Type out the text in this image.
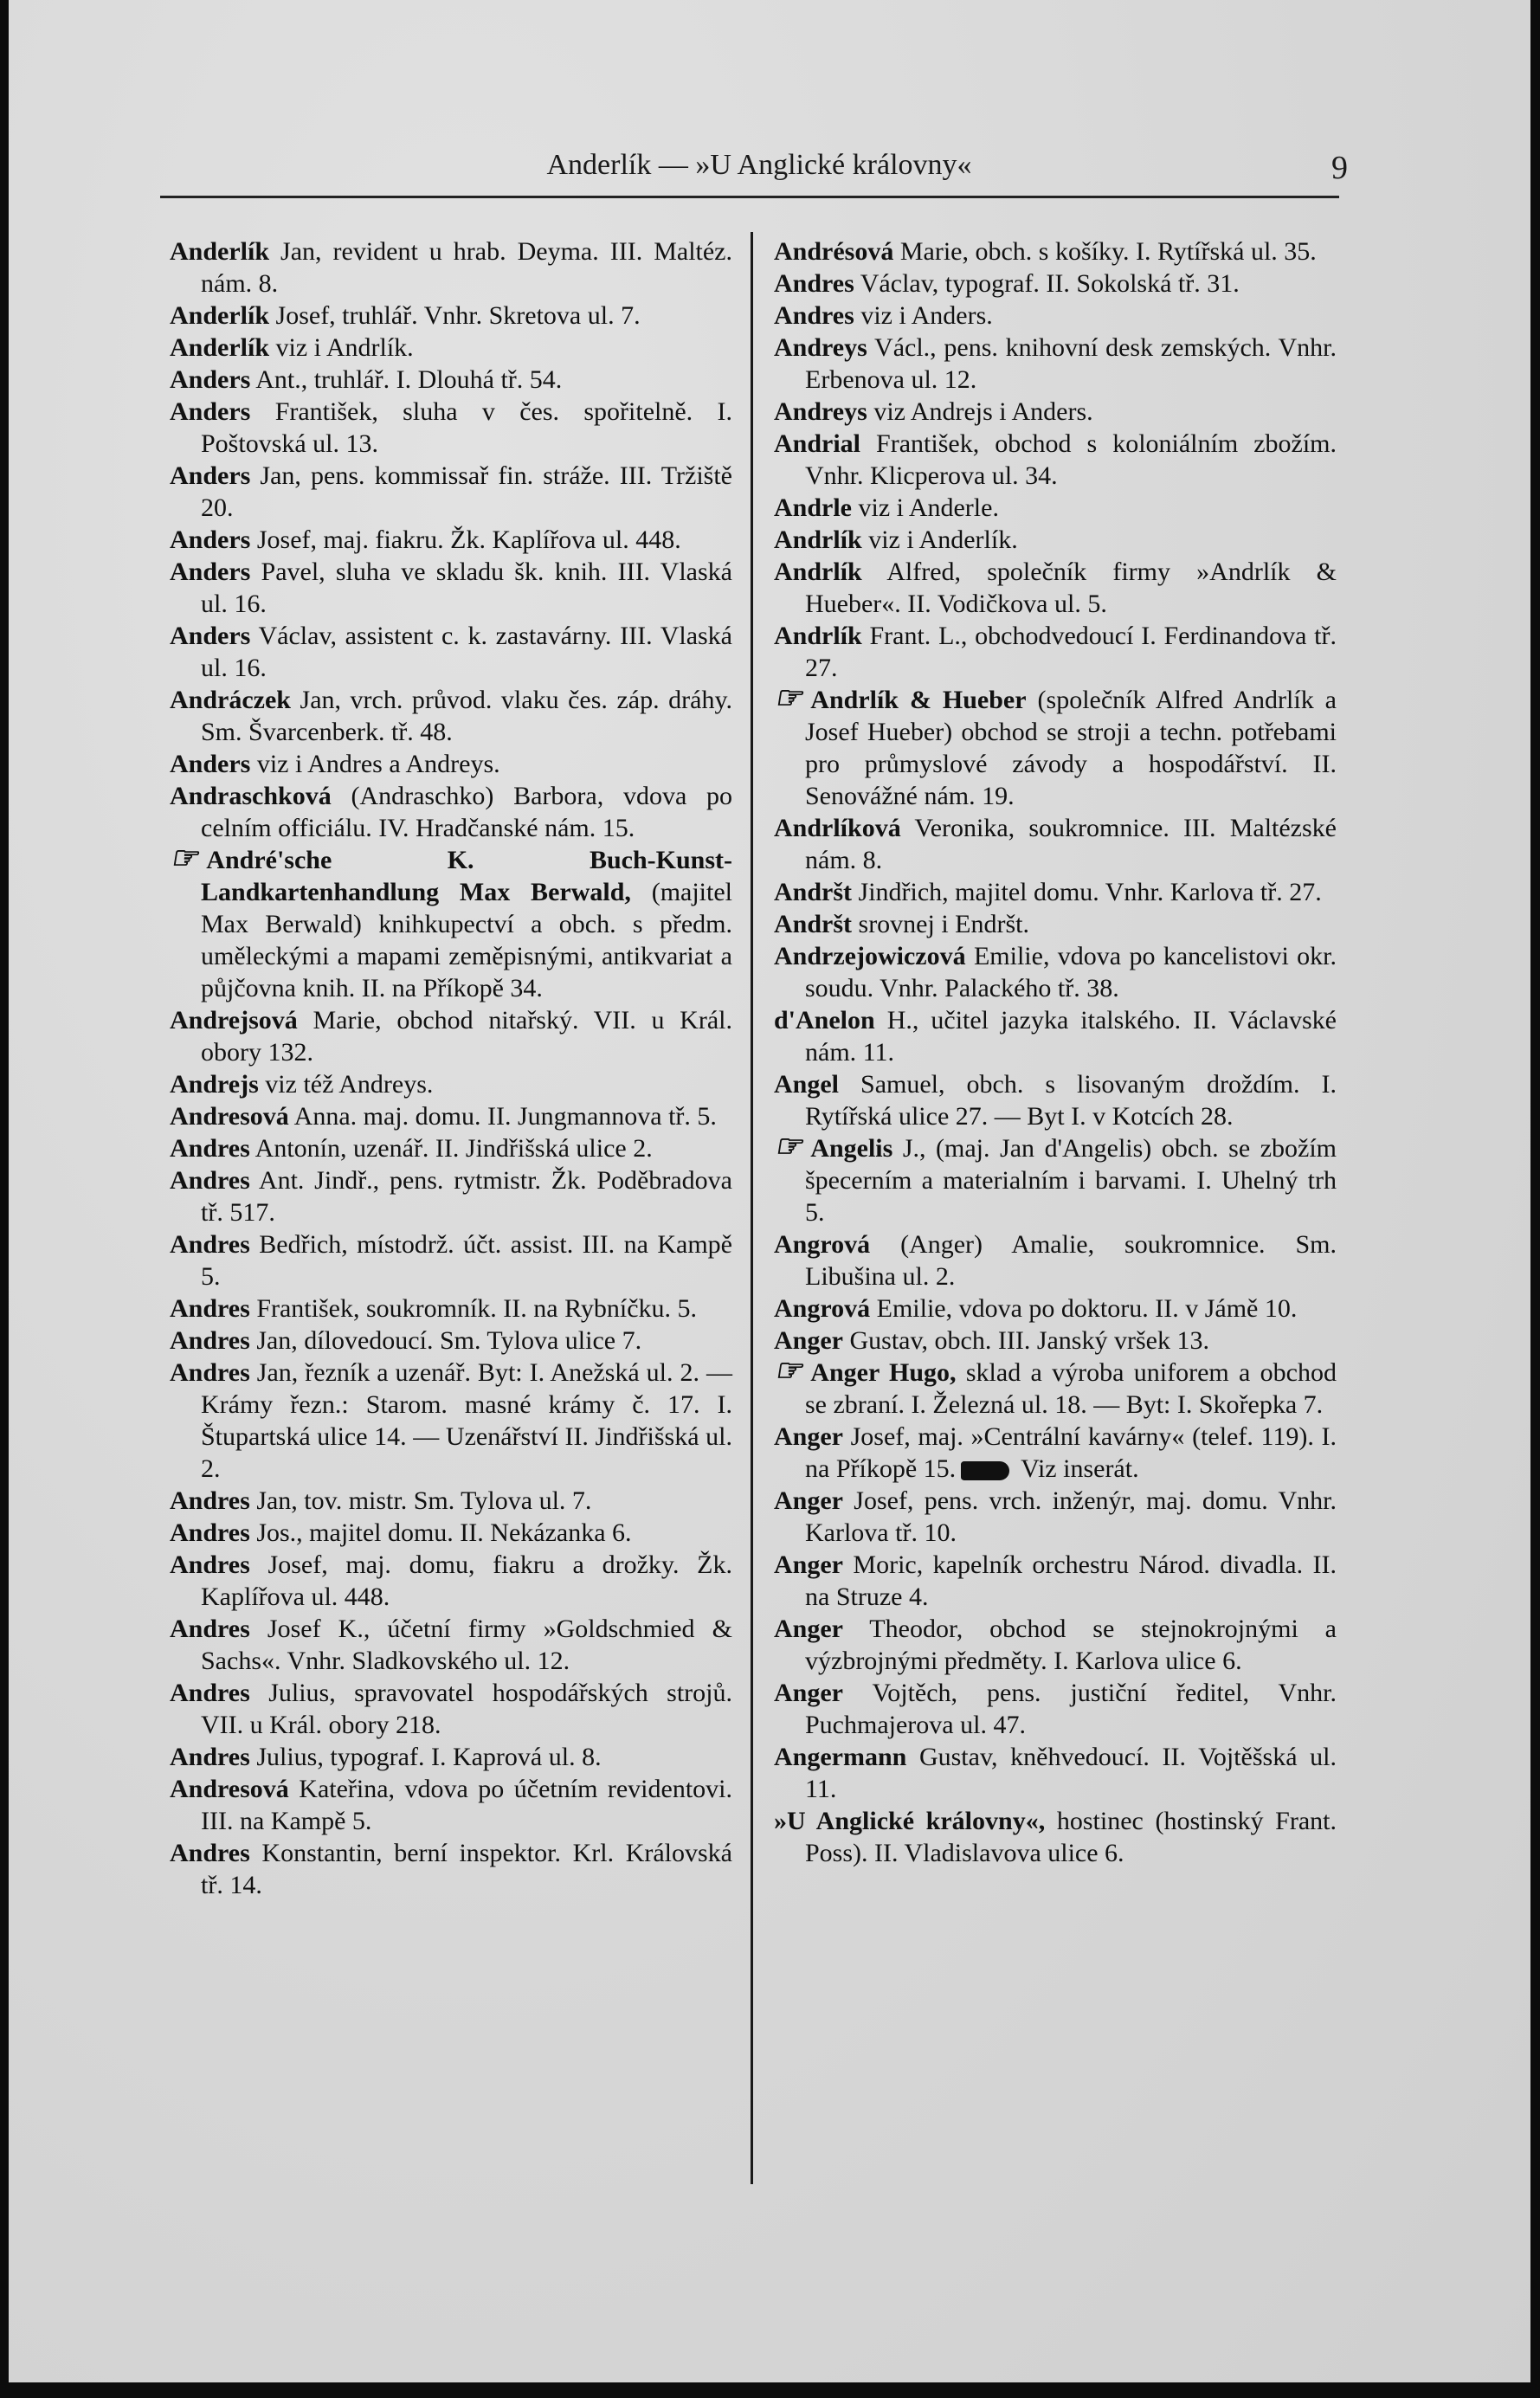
Anderlík — »U Anglické královny«	9
Anderlík Jan, revident u hrab. Deyma. III. Maltéz. nám. 8.
Anderlík Josef, truhlář. Vnhr. Skretova ul. 7.
Anderlík viz i Andrlík.
Anders Ant., truhlář. I. Dlouhá tř. 54.
Anders František, sluha v čes. spořitelně. I. Poštovská ul. 13.
Anders Jan, pens. kommissař fin. stráže. III. Tržiště 20.
Anders Josef, maj. fiakru. Žk. Kaplířova ul. 448.
Anders Pavel, sluha ve skladu šk. knih. III. Vlaská ul. 16.
Anders Václav, assistent c. k. zastavárny. III. Vlaská ul. 16.
Andráczek Jan, vrch. průvod. vlaku čes. záp. dráhy. Sm. Švarcenberk. tř. 48.
Anders viz i Andres a Andreys.
Andraschková (Andraschko) Barbora, vdova po celním officiálu. IV. Hradčanské nám. 15.
☞ André'sche K. Buch-Kunst-Landkartenhandlung Max Berwald, (majitel Max Berwald) knihkupectví a obch. s předm. uměleckými a mapami zeměpisnými, antikvariat a půjčovna knih. II. na Příkopě 34.
Andrejsová Marie, obchod nitařský. VII. u Král. obory 132.
Andrejs viz též Andreys.
Andresová Anna. maj. domu. II. Jungmannova tř. 5.
Andres Antonín, uzenář. II. Jindřišská ulice 2.
Andres Ant. Jindř., pens. rytmistr. Žk. Poděbradova tř. 517.
Andres Bedřich, místodrž. účt. assist. III. na Kampě 5.
Andres František, soukromník. II. na Rybníčku. 5.
Andres Jan, dílovedoucí. Sm. Tylova ulice 7.
Andres Jan, řezník a uzenář. Byt: I. Anežská ul. 2. — Krámy řezn.: Starom. masné krámy č. 17. I. Štupartská ulice 14. — Uzenářství II. Jindřišská ul. 2.
Andres Jan, tov. mistr. Sm. Tylova ul. 7.
Andres Jos., majitel domu. II. Nekázanka 6.
Andres Josef, maj. domu, fiakru a drožky. Žk. Kaplířova ul. 448.
Andres Josef K., účetní firmy »Goldschmied & Sachs«. Vnhr. Sladkovského ul. 12.
Andres Julius, spravovatel hospodářských strojů. VII. u Král. obory 218.
Andres Julius, typograf. I. Kaprová ul. 8.
Andresová Kateřina, vdova po účetním revidentovi. III. na Kampě 5.
Andres Konstantin, berní inspektor. Krl. Královská tř. 14.
Andrésová Marie, obch. s košíky. I. Rytířská ul. 35.
Andres Václav, typograf. II. Sokolská tř. 31.
Andres viz i Anders.
Andreys Václ., pens. knihovní desk zemských. Vnhr. Erbenova ul. 12.
Andreys viz Andrejs i Anders.
Andrial František, obchod s koloniálním zbožím. Vnhr. Klicperova ul. 34.
Andrle viz i Anderle.
Andrlík viz i Anderlík.
Andrlík Alfred, společník firmy »Andrlík & Hueber«. II. Vodičkova ul. 5.
Andrlík Frant. L., obchodvedoucí I. Ferdinandova tř. 27.
☞ Andrlík & Hueber (společník Alfred Andrlík a Josef Hueber) obchod se stroji a techn. potřebami pro průmyslové závody a hospodářství. II. Senovážné nám. 19.
Andrlíková Veronika, soukromnice. III. Maltézské nám. 8.
Andršt Jindřich, majitel domu. Vnhr. Karlova tř. 27.
Andršt srovnej i Endršt.
Andrzejowiczová Emilie, vdova po kancelistovi okr. soudu. Vnhr. Palackého tř. 38.
d'Anelon H., učitel jazyka italského. II. Václavské nám. 11.
Angel Samuel, obch. s lisovaným droždím. I. Rytířská ulice 27. — Byt I. v Kotcích 28.
☞ Angelis J., (maj. Jan d'Angelis) obch. se zbožím špecerním a materialním i barvami. I. Uhelný trh 5.
Angrová (Anger) Amalie, soukromnice. Sm. Libušina ul. 2.
Angrová Emilie, vdova po doktoru. II. v Jámě 10.
Anger Gustav, obch. III. Janský vršek 13.
☞ Anger Hugo, sklad a výroba uniforem a obchod se zbraní. I. Železná ul. 18. — Byt: I. Skořepka 7.
Anger Josef, maj. »Centrální kavárny« (telef. 119). I. na Příkopě 15. Viz inserát.
Anger Josef, pens. vrch. inženýr, maj. domu. Vnhr. Karlova tř. 10.
Anger Moric, kapelník orchestru Národ. divadla. II. na Struze 4.
Anger Theodor, obchod se stejnokrojnými a výzbrojnými předměty. I. Karlova ulice 6.
Anger Vojtěch, pens. justiční ředitel, Vnhr. Puchmajerova ul. 47.
Angermann Gustav, kněhvedoucí. II. Vojtěšská ul. 11.
»U Anglické královny«, hostinec (hostinský Frant. Poss). II. Vladislavova ulice 6.
